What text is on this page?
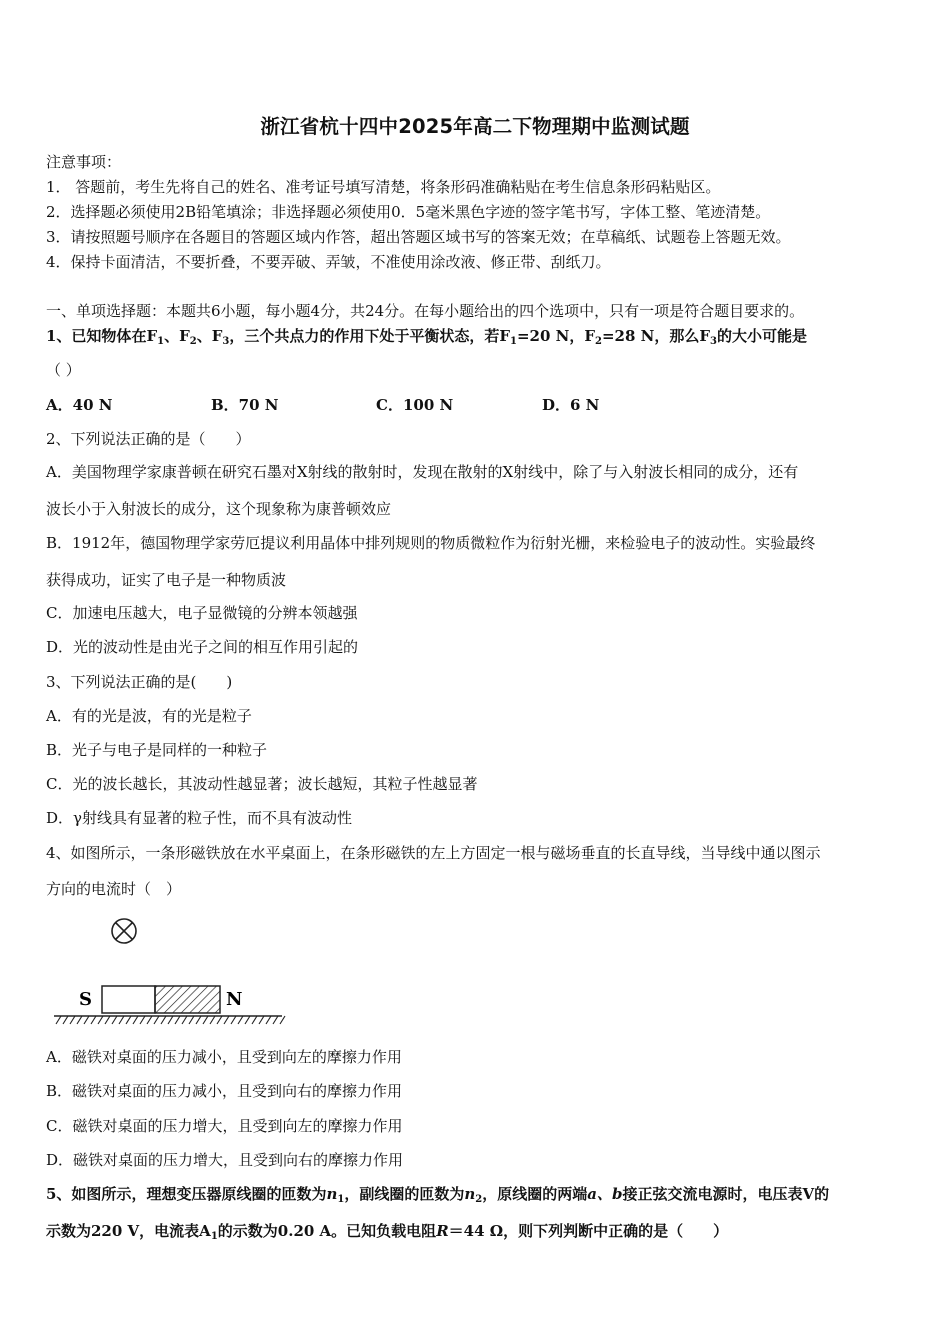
浙江省杭十四中2025年高二下物理期中监测试题
注意事项：
1． 答题前，考生先将自己的姓名、准考证号填写清楚，将条形码准确粘贴在考生信息条形码粘贴区。
2．选择题必须使用2B铅笔填涂；非选择题必须使用0．5毫米黑色字迹的签字笔书写，字体工整、笔迹清楚。
3．请按照题号顺序在各题目的答题区域内作答，超出答题区域书写的答案无效；在草稿纸、试题卷上答题无效。
4．保持卡面清洁，不要折叠，不要弄破、弄皱，不准使用涂改液、修正带、刮纸刀。
一、单项选择题：本题共6小题，每小题4分，共24分。在每小题给出的四个选项中，只有一项是符合题目要求的。
1、已知物体在$F_1$、$F_2$、$F_3$，三个共点力的作用下处于平衡状态，若$F_1=20$ N，$F_2=28$ N，那么$F_3$的大小可能是
（ ）
A．40 N	B．70 N	C．100 N	D．6 N
2、下列说法正确的是（　　）
A．美国物理学家康普顿在研究石墨对X射线的散射时，发现在散射的X射线中，除了与入射波长相同的成分，还有
波长小于入射波长的成分，这个现象称为康普顿效应
B．1912年，德国物理学家劳厄提议利用晶体中排列规则的物质微粒作为衍射光栅，来检验电子的波动性。实验最终
获得成功，证实了电子是一种物质波
C．加速电压越大，电子显微镜的分辨本领越强
D．光的波动性是由光子之间的相互作用引起的
3、下列说法正确的是(　　)
A．有的光是波，有的光是粒子
B．光子与电子是同样的一种粒子
C．光的波长越长，其波动性越显著；波长越短，其粒子性越显著
D．γ射线具有显著的粒子性，而不具有波动性
4、如图所示，一条形磁铁放在水平桌面上，在条形磁铁的左上方固定一根与磁场垂直的长直导线，当导线中通以图示
方向的电流时（　）
S	N
A．磁铁对桌面的压力减小，且受到向左的摩擦力作用
B．磁铁对桌面的压力减小，且受到向右的摩擦力作用
C．磁铁对桌面的压力增大，且受到向左的摩擦力作用
D．磁铁对桌面的压力增大，且受到向右的摩擦力作用
5、如图所示，理想变压器原线圈的匝数为$n_1$，副线圈的匝数为$n_2$，原线圈的两端a、b接正弦交流电源时，电压表V的
示数为220 V，电流表$A_1$的示数为0.20 A。已知负载电阻R＝44 Ω，则下列判断中正确的是（　　）
